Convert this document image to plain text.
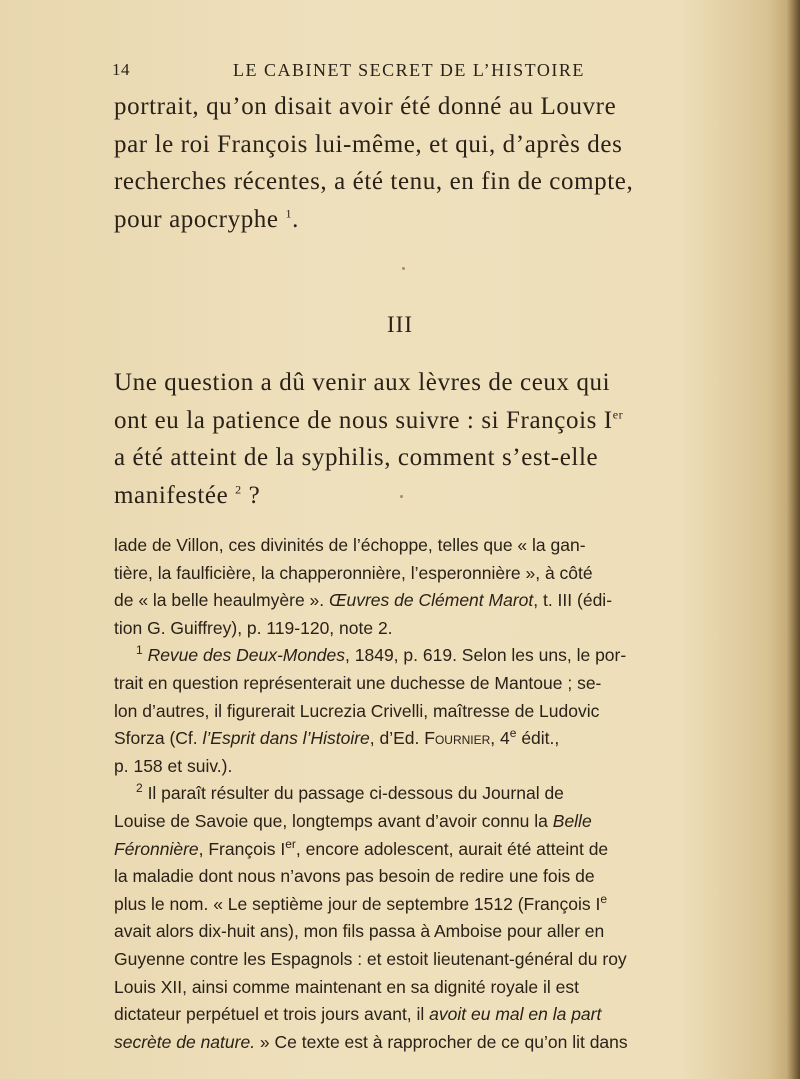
14	LE CABINET SECRET DE L’HISTOIRE
portrait, qu’on disait avoir été donné au Louvre
par le roi François lui-même, et qui, d’après des
recherches récentes, a été tenu, en fin de compte,
pour apocryphe $^1$.
III
Une question a dû venir aux lèvres de ceux qui
ont eu la patience de nous suivre : si François Ier
a été atteint de la syphilis, comment s’est-elle
manifestée $^2$ ?
lade de Villon, ces divinités de l’échoppe, telles que « la gan-
tière, la faulficière, la chapperonnière, l’esperonnière », à côté
de « la belle heaulmyère ». Œuvres de Clément Marot, t. III (édi-
tion G. Guiffrey), p. 119-120, note 2.
$^1$ Revue des Deux-Mondes, 1849, p. 619. Selon les uns, le por-
trait en question représenterait une duchesse de Mantoue ; se-
lon d’autres, il figurerait Lucrezia Crivelli, maîtresse de Ludovic
Sforza (Cf. l’Esprit dans l’Histoire, d’Ed. Fournier, 4e édit.,
p. 158 et suiv.).
$^2$ Il paraît résulter du passage ci-dessous du Journal de
Louise de Savoie que, longtemps avant d’avoir connu la Belle
Féronnière, François Ier, encore adolescent, aurait été atteint de
la maladie dont nous n’avons pas besoin de redire une fois de
plus le nom. « Le septième jour de septembre 1512 (François Ie
avait alors dix-huit ans), mon fils passa à Amboise pour aller en
Guyenne contre les Espagnols : et estoit lieutenant-général du roy
Louis XII, ainsi comme maintenant en sa dignité royale il est
dictateur perpétuel et trois jours avant, il avoit eu mal en la part
secrète de nature. » Ce texte est à rapprocher de ce qu’on lit dans
